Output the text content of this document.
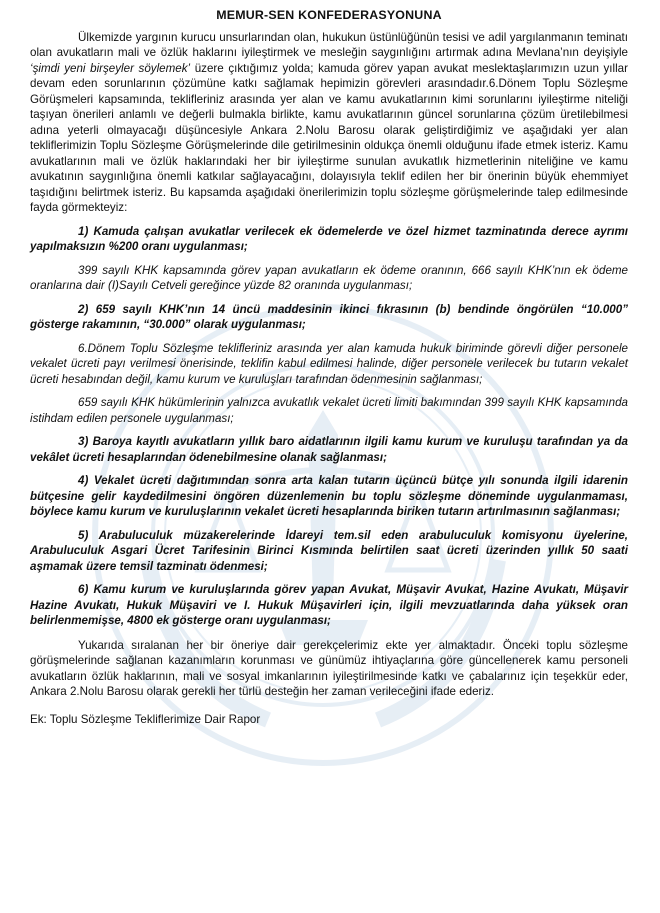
MEMUR-SEN KONFEDERASYONUNA

Ülkemizde yargının kurucu unsurlarından olan, hukukun üstünlüğünün tesisi ve adil yargılanmanın teminatı olan avukatların mali ve özlük haklarını iyileştirmek ve mesleğin saygınlığını artırmak adına Mevlana’nın deyişiyle ‘şimdi yeni birşeyler söylemek’ üzere çıktığımız yolda; kamuda görev yapan avukat meslektaşlarımızın uzun yıllar devam eden sorunlarının çözümüne katkı sağlamak hepimizin görevleri arasındadır.6.Dönem Toplu Sözleşme Görüşmeleri kapsamında, teklifleriniz arasında yer alan ve kamu avukatlarının kimi sorunlarını iyileştirme niteliği taşıyan önerileri anlamlı ve değerli bulmakla birlikte, kamu avukatlarının güncel sorunlarına çözüm üretilebilmesi adına yeterli olmayacağı düşüncesiyle Ankara 2.Nolu Barosu olarak geliştirdiğimiz ve aşağıdaki yer alan tekliflerimizin Toplu Sözleşme Görüşmelerinde dile getirilmesinin oldukça önemli olduğunu ifade etmek isteriz. Kamu avukatlarının mali ve özlük haklarındaki her bir iyileştirme sunulan avukatlık hizmetlerinin niteliğine ve kamu avukatının saygınlığına önemli katkılar sağlayacağını, dolayısıyla teklif edilen her bir önerinin büyük ehemmiyet taşıdığını belirtmek isteriz. Bu kapsamda aşağıdaki önerilerimizin toplu sözleşme görüşmelerinde talep edilmesinde fayda görmekteyiz:

1) Kamuda çalışan avukatlar verilecek ek ödemelerde ve özel hizmet tazminatında derece ayrımı yapılmaksızın %200 oranı uygulanması;

399 sayılı KHK kapsamında görev yapan avukatların ek ödeme oranının, 666 sayılı KHK’nın ek ödeme oranlarına dair (I)Sayılı Cetveli gereğince yüzde 82 oranında uygulanması;

2) 659 sayılı KHK’nın 14 üncü maddesinin ikinci fıkrasının (b) bendinde öngörülen “10.000” gösterge rakamının, “30.000” olarak uygulanması;

6.Dönem Toplu Sözleşme teklifleriniz arasında yer alan kamuda hukuk biriminde görevli diğer personele vekalet ücreti payı verilmesi önerisinde, teklifin kabul edilmesi halinde, diğer personele verilecek bu tutarın vekalet ücreti hesabından değil, kamu kurum ve kuruluşları tarafından ödenmesinin sağlanması;

659 sayılı KHK hükümlerinin yalnızca avukatlık vekalet ücreti limiti bakımından 399 sayılı KHK kapsamında istihdam edilen personele uygulanması;

3) Baroya kayıtlı avukatların yıllık baro aidatlarının ilgili kamu kurum ve kuruluşu tarafından ya da vekâlet ücreti hesaplarından ödenebilmesine olanak sağlanması;

4) Vekalet ücreti dağıtımından sonra arta kalan tutarın üçüncü bütçe yılı sonunda ilgili idarenin bütçesine gelir kaydedilmesini öngören düzenlemenin bu toplu sözleşme döneminde uygulanmaması, böylece kamu kurum ve kuruluşlarının vekalet ücreti hesaplarında biriken tutarın artırılmasının sağlanması;

5) Arabuluculuk müzakerelerinde İdareyi tem.sil eden arabuluculuk komisyonu üyelerine, Arabuluculuk Asgari Ücret Tarifesinin Birinci Kısmında belirtilen saat ücreti üzerinden yıllık 50 saati aşmamak üzere temsil tazminatı ödenmesi;

6) Kamu kurum ve kuruluşlarında görev yapan Avukat, Müşavir Avukat, Hazine Avukatı, Müşavir Hazine Avukatı, Hukuk Müşaviri ve I. Hukuk Müşavirleri için, ilgili mevzuatlarında daha yüksek oran belirlenmemişse, 4800 ek gösterge oranı uygulanması;

Yukarıda sıralanan her bir öneriye dair gerekçelerimiz ekte yer almaktadır. Önceki toplu sözleşme görüşmelerinde sağlanan kazanımların korunması ve günümüz ihtiyaçlarına göre güncellenerek kamu personeli avukatların özlük haklarının, mali ve sosyal imkanlarının iyileştirilmesinde katkı ve çabalarınız için teşekkür eder, Ankara 2.Nolu Barosu olarak gerekli her türlü desteğin her zaman verileceğini ifade ederiz.

Ek: Toplu Sözleşme Tekliflerimize Dair Rapor
